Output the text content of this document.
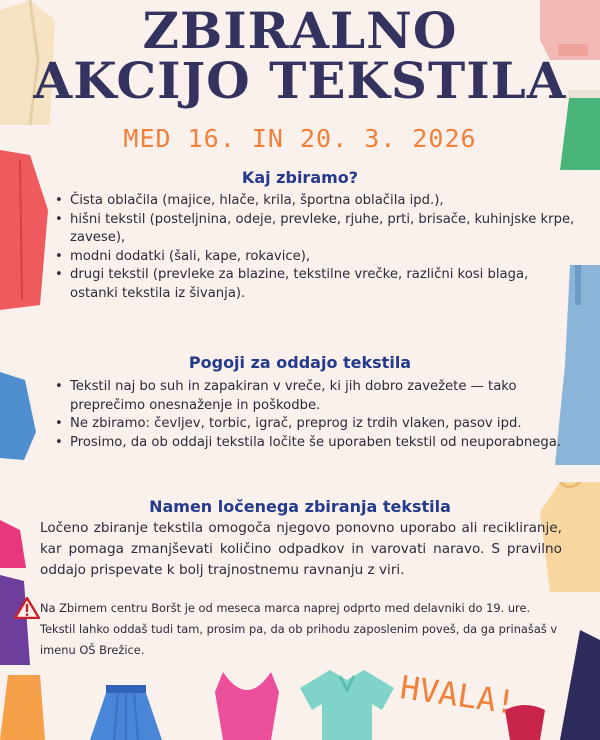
ZBIRALNO
AKCIJO TEKSTILA
MED 16. IN 20. 3. 2026
Kaj zbiramo?
• Čista oblačila (majice, hlače, krila, športna oblačila ipd.),
• hišni tekstil (posteljnina, odeje, prevleke, rjuhe, prti, brisače, kuhinjske krpe, zavese),
• modni dodatki (šali, kape, rokavice),
• drugi tekstil (prevleke za blazine, tekstilne vrečke, različni kosi blaga, ostanki tekstila iz šivanja).
Pogoji za oddajo tekstila
• Tekstil naj bo suh in zapakiran v vreče, ki jih dobro zavežete — tako preprečimo onesnaženje in poškodbe.
• Ne zbiramo: čevljev, torbic, igrač, preprog iz trdih vlaken, pasov ipd.
• Prosimo, da ob oddaji tekstila ločite še uporaben tekstil od neuporabnega.
Namen ločenega zbiranja tekstila

Ločeno zbiranje tekstila omogoča njegovo ponovno uporabo ali recikliranje, kar pomaga zmanjševati količino odpadkov in varovati naravo. S pravilno oddajo prispevate k bolj trajnostnemu ravnanju z viri.

Na Zbirnem centru Boršt je od meseca marca naprej odprto med delavniki do 19. ure. Tekstil lahko oddaš tudi tam, prosim pa, da ob prihodu zaposlenim poveš, da ga prinašaš v imenu OŠ Brežice.

HVALA!
